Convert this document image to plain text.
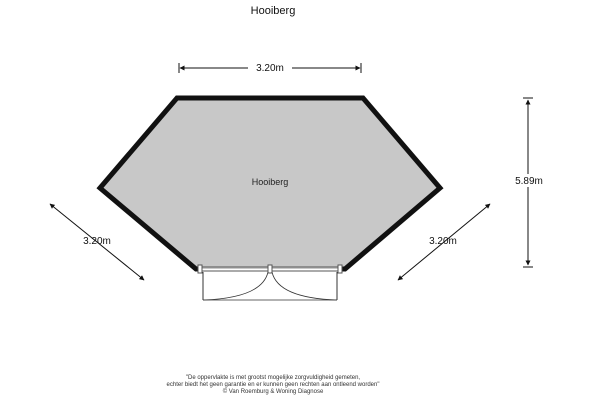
Hooiberg
3.20m
5.89m
3.20m	3.20m
Hooiberg
"De oppervlakte is met grootst mogelijke zorgvuldigheid gemeten,
echter biedt het geen garantie en er kunnen geen rechten aan ontleend worden"
© Van Roemburg & Woning Diagnose
